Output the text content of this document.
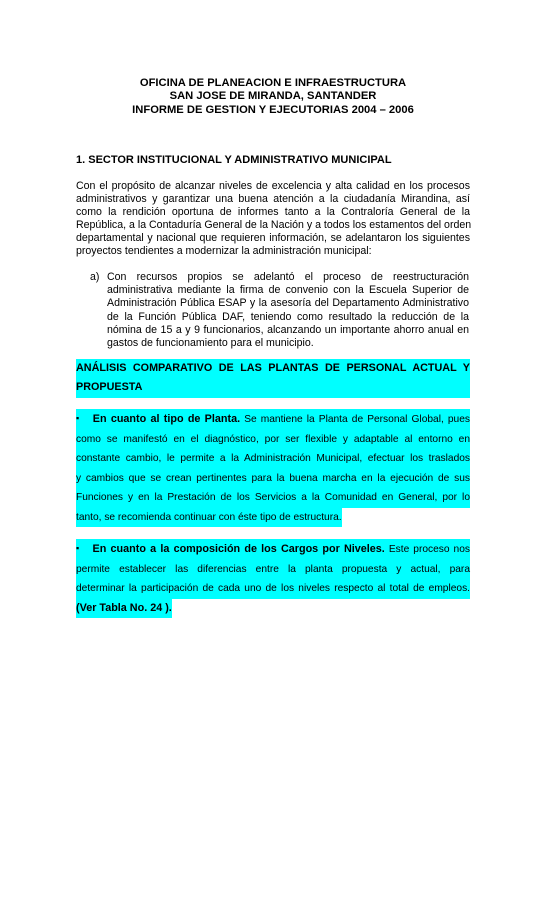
OFICINA DE PLANEACION E INFRAESTRUCTURA
SAN JOSE DE MIRANDA, SANTANDER
INFORME DE GESTION Y EJECUTORIAS 2004 – 2006
1. SECTOR INSTITUCIONAL Y ADMINISTRATIVO MUNICIPAL
Con el propósito de alcanzar niveles de excelencia y alta calidad en los procesos
administrativos y garantizar una buena atención a la ciudadanía Mirandina, así
como la rendición oportuna de informes tanto a la Contraloría General de la
República, a la Contaduría General de la Nación y a todos los estamentos del orden
departamental y nacional que requieren información, se adelantaron los siguientes
proyectos tendientes a modernizar la administración municipal:
a) Con recursos propios se adelantó el proceso de reestructuración
administrativa mediante la firma de convenio con la Escuela Superior de
Administración Pública ESAP y la asesoría del Departamento Administrativo
de la Función Pública DAF, teniendo como resultado la reducción de la
nómina de 15 a y 9 funcionarios, alcanzando un importante ahorro anual en
gastos de funcionamiento para el municipio.
ANÁLISIS COMPARATIVO DE LAS PLANTAS DE PERSONAL ACTUAL Y
PROPUESTA
▪ En cuanto al tipo de Planta. Se mantiene la Planta de Personal Global, pues
como se manifestó en el diagnóstico, por ser flexible y adaptable al entorno en
constante cambio, le permite a la Administración Municipal, efectuar los traslados
y cambios que se crean pertinentes para la buena marcha en la ejecución de sus
Funciones y en la Prestación de los Servicios a la Comunidad en General, por lo
tanto, se recomienda continuar con éste tipo de estructura.
▪ En cuanto a la composición de los Cargos por Niveles. Este proceso nos
permite establecer las diferencias entre la planta propuesta y actual, para
determinar la participación de cada uno de los niveles respecto al total de empleos.
(Ver Tabla No. 24 ).
